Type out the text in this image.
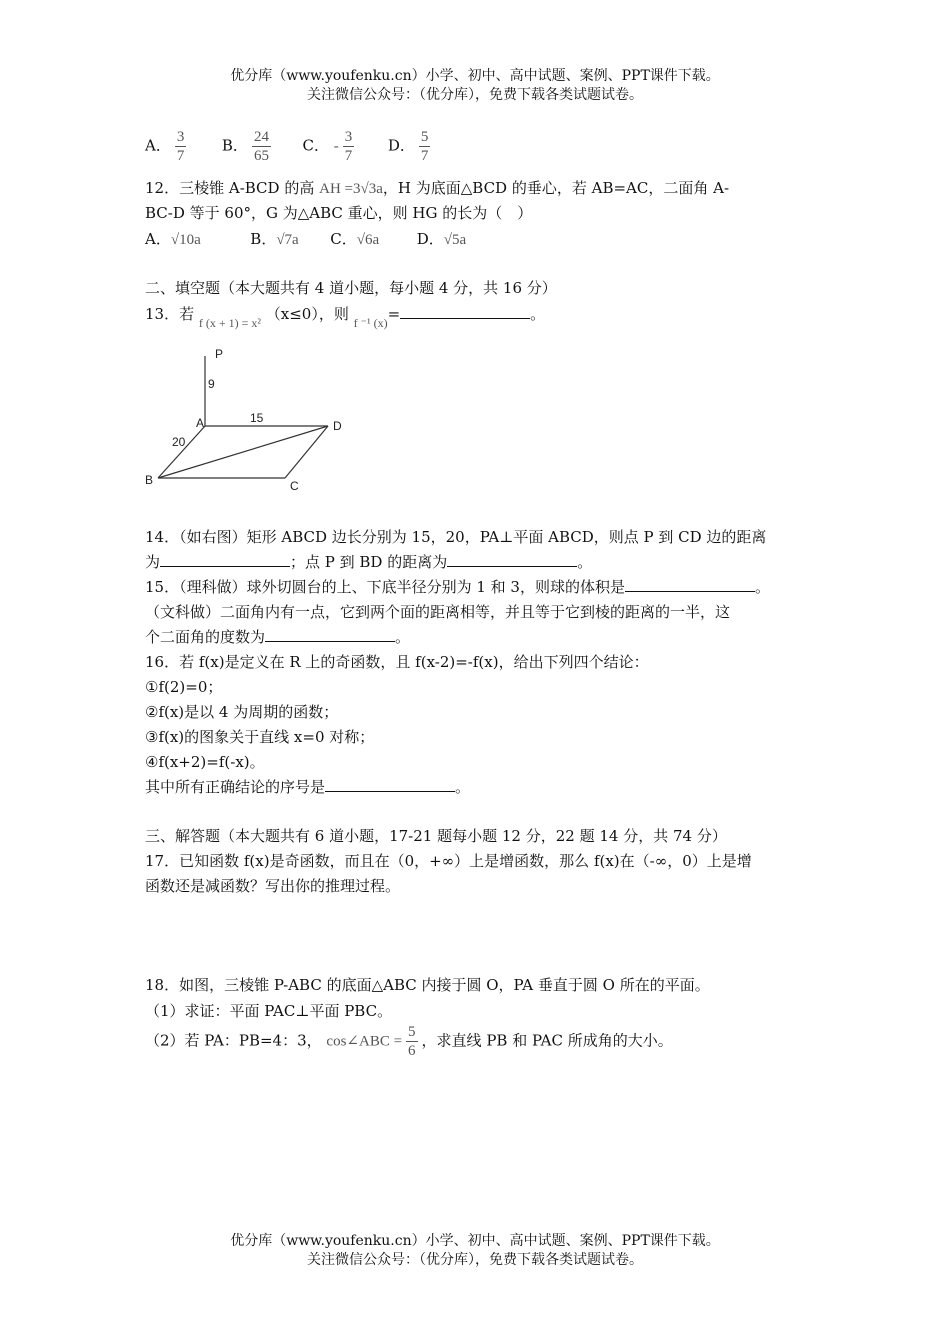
优分库（www.youfenku.cn）小学、初中、高中试题、案例、PPT课件下载。
关注微信公众号：（优分库），免费下载各类试题试卷。
A． $\frac{3}{7}$ B． $\frac{24}{65}$ C． - $\frac{3}{7}$ D． $\frac{5}{7}$
12．三棱锥 A-BCD 的高 AH =3√3a，H 为底面△BCD 的垂心，若 AB=AC，二面角 A-
BC-D 等于 60°，G 为△ABC 重心，则 HG 的长为（　）
A．√10a	B．√7a C．√6a	D．√5a
二、填空题（本大题共有 4 道小题，每小题 4 分，共 16 分）
13．若 $_{f (x + 1) = x^2}$ （x≤0），则 $_{f ^{-1} (x)}$=	。
P
9
A	15
D
20
B	C
14．（如右图）矩形 ABCD 边长分别为 15，20，PA⊥平面 ABCD，则点 P 到 CD 边的距离
为	；点 P 到 BD 的距离为	。
15．（理科做）球外切圆台的上、下底半径分别为 1 和 3，则球的体积是	。
（文科做）二面角内有一点，它到两个面的距离相等，并且等于它到棱的距离的一半，这
个二面角的度数为	。
16．若 f(x)是定义在 R 上的奇函数，且 f(x-2)=-f(x)，给出下列四个结论：
①f(2)=0；
②f(x)是以 4 为周期的函数；
③f(x)的图象关于直线 x=0 对称；
④f(x+2)=f(-x)。
其中所有正确结论的序号是	。
三、解答题（本大题共有 6 道小题，17-21 题每小题 12 分，22 题 14 分，共 74 分）
17．已知函数 f(x)是奇函数，而且在（0，+∞）上是增函数，那么 f(x)在（-∞，0）上是增
函数还是减函数？写出你的推理过程。
18．如图，三棱锥 P-ABC 的底面△ABC 内接于圆 O，PA 垂直于圆 O 所在的平面。
（1）求证：平面 PAC⊥平面 PBC。
（2）若 PA：PB=4：3， cos∠ABC = $\frac{5}{6}$ ，求直线 PB 和 PAC 所成角的大小。
优分库（www.youfenku.cn）小学、初中、高中试题、案例、PPT课件下载。
关注微信公众号：（优分库），免费下载各类试题试卷。
